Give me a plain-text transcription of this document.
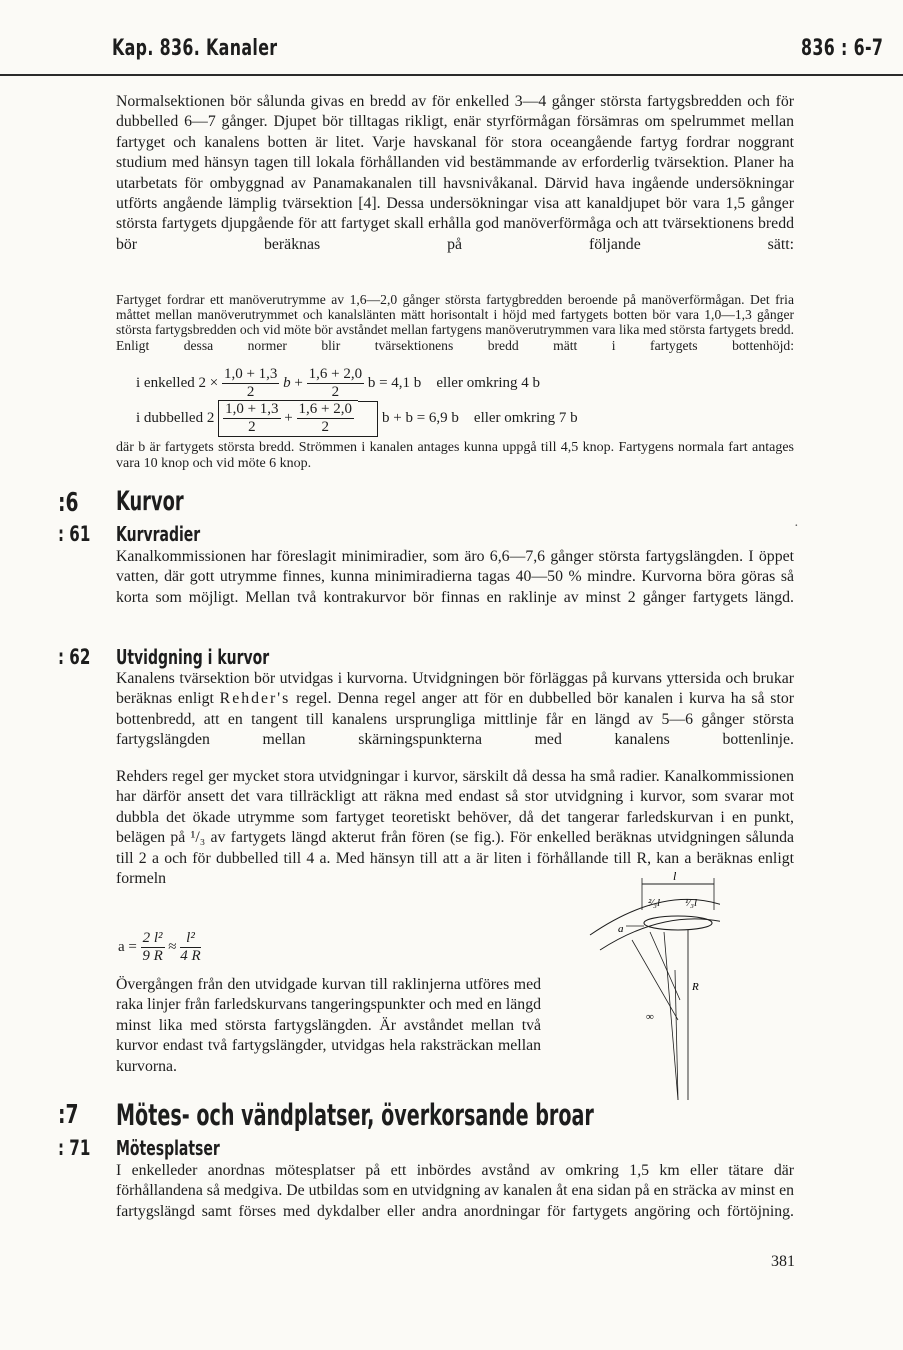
Kap. 836. Kanaler	836 : 6-7

Normalsektionen bör sålunda givas en bredd av för enkelled 3—4 gånger största fartygsbredden och för dubbelled 6—7 gånger. Djupet bör tilltagas rikligt, enär styrförmågan försämras om spelrummet mellan fartyget och kanalens botten är litet. Varje havskanal för stora oceangående fartyg fordrar noggrant studium med hänsyn tagen till lokala förhållanden vid bestämmande av erforderlig tvärsektion. Planer ha utarbetats för ombyggnad av Panamakanalen till havsnivåkanal. Därvid hava ingående undersökningar utförts angående lämplig tvärsektion [4]. Dessa undersökningar visa att kanaldjupet bör vara 1,5 gånger största fartygets djupgående för att fartyget skall erhålla god manöverförmåga och att tvärsektionens bredd bör beräknas på följande sätt:

Fartyget fordrar ett manöverutrymme av 1,6—2,0 gånger största fartygbredden beroende på manöverförmågan. Det fria måttet mellan manöverutrymmet och kanalslänten mätt horisontalt i höjd med fartygets botten bör vara 1,0—1,3 gånger största fartygsbredden och vid möte bör avståndet mellan fartygens manöverutrymmen vara lika med största fartygets bredd. Enligt dessa normer blir tvärsektionens bredd mätt i fartygets bottenhöjd:

i enkelled $2 \times \frac{1,0 + 1,3}{2}$ $b + \frac{1,6 + 2,0}{2}$ b = 4,1 b eller omkring 4 b
i dubbelled $2 \frac{1,0 + 1,3}{2} + \frac{1,6 + 2,0}{2}$ b + b = 6,9 b eller omkring 7 b

där b är fartygets största bredd. Strömmen i kanalen antages kunna uppgå till 4,5 knop. Fartygens normala fart antages vara 10 knop och vid möte 6 knop.

:6 Kurvor
: 61 Kurvradier	·

Kanalkommissionen har föreslagit minimiradier, som äro 6,6—7,6 gånger största fartygslängden. I öppet vatten, där gott utrymme finnes, kunna minimiradierna tagas 40—50 % mindre. Kurvorna böra göras så korta som möjligt. Mellan två kontrakurvor bör finnas en raklinje av minst 2 gånger fartygets längd.

: 62 Utvidgning i kurvor

Kanalens tvärsektion bör utvidgas i kurvorna. Utvidgningen bör förläggas på kurvans yttersida och brukar beräknas enligt Rehder's regel. Denna regel anger att för en dubbelled bör kanalen i kurva ha så stor bottenbredd, att en tangent till kanalens ursprungliga mittlinje får en längd av 5—6 gånger största fartygslängden mellan skärningspunkterna med kanalens bottenlinje.

Rehders regel ger mycket stora utvidgningar i kurvor, särskilt då dessa ha små radier. Kanalkommissionen har därför ansett det vara tillräckligt att räkna med endast så stor utvidgning i kurvor, som svarar mot dubbla det ökade utrymme som fartyget teoretiskt behöver, då det tangerar farledskurvan i en punkt, belägen på ¹/₃ av fartygets längd akterut från fören (se fig.). För enkelled beräknas utvidgningen sålunda till 2 a och för dubbelled till 4 a. Med hänsyn till att a är liten i förhållande till R, kan a beräknas enligt formeln

$a = \frac{\text{2 l²}}{9 R} \approx \frac{\text{l²}}{4 R}$

Övergången från den utvidgade kurvan till raklinjerna utföres med raka linjer från farledskurvans tangeringspunkter och med en längd minst lika med största fartygslängden. Är avståndet mellan två kurvor endast två fartygslängder, utvidgas hela raksträckan mellan kurvorna.

l
²⁄₃l ¹⁄₃l
a
R
∞
:7 Mötes- och vändplatser, överkorsande broar
: 71 Mötesplatser

I enkelleder anordnas mötesplatser på ett inbördes avstånd av omkring 1,5 km eller tätare där förhållandena så medgiva. De utbildas som en utvidgning av kanalen åt ena sidan på en sträcka av minst en fartygslängd samt förses med dykdalber eller andra anordningar för fartygets angöring och förtöjning.

381
